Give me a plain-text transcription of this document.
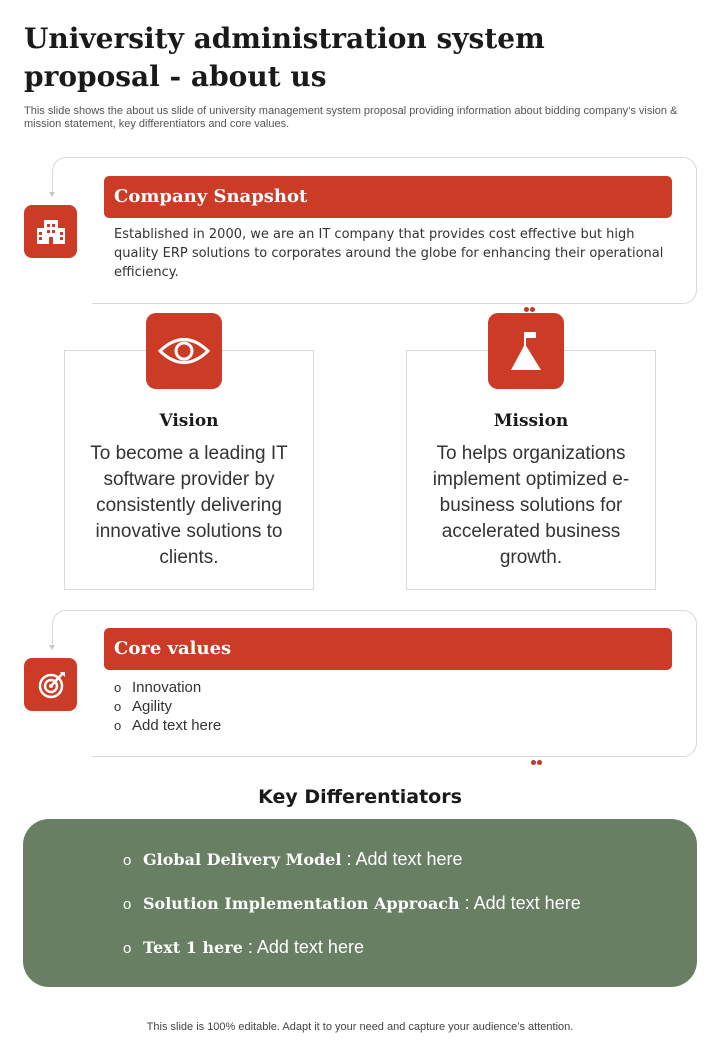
University administration system proposal - about us
This slide shows the about us slide of university management system proposal providing information about bidding company’s vision & mission statement, key differentiators and core values.
Company Snapshot
Established in 2000, we are an IT company that provides cost effective but high quality ERP solutions to corporates around the globe for enhancing their operational efficiency.
Vision
To become a leading IT software provider by consistently delivering innovative solutions to clients.
Mission
To helps organizations implement optimized e-business solutions for accelerated business growth.
Core values
o Innovation
o Agility
o Add text here
Key Differentiators
o Global Delivery Model : Add text here
o Solution Implementation Approach : Add text here
o Text 1 here : Add text here
This slide is 100% editable. Adapt it to your need and capture your audience’s attention.
